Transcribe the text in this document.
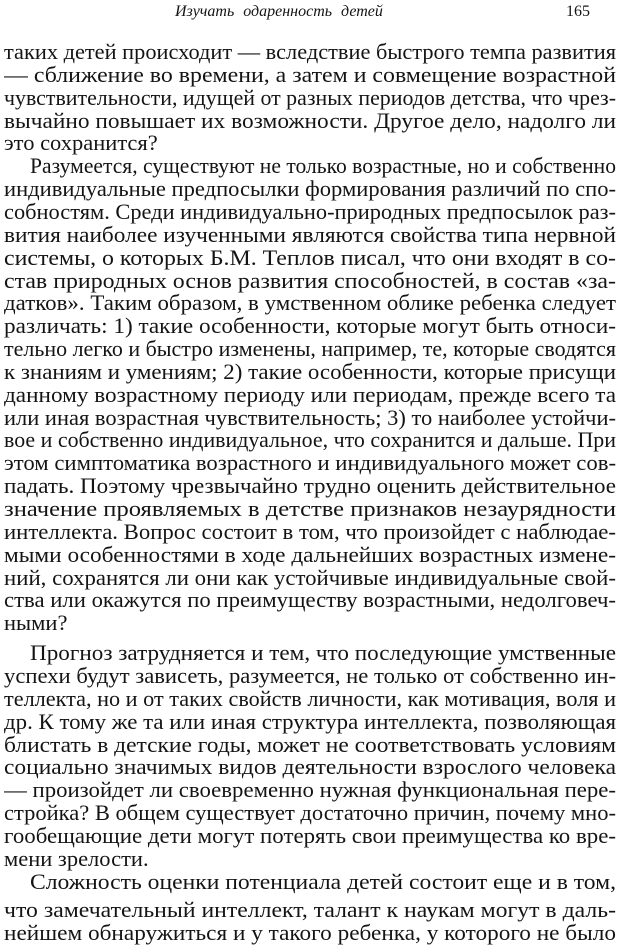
Изучать одаренность детей	165
таких детей происходит — вследствие быстрого темпа развития
— сближение во времени, а затем и совмещение возрастной
чувствительности, идущей от разных периодов детства, что чрез-
вычайно повышает их возможности. Другое дело, надолго ли
это сохранится?
Разумеется, существуют не только возрастные, но и собственно
индивидуальные предпосылки формирования различий по спо-
собностям. Среди индивидуально-природных предпосылок раз-
вития наиболее изученными являются свойства типа нервной
системы, о которых Б.М. Теплов писал, что они входят в со-
став природных основ развития способностей, в состав «за-
датков». Таким образом, в умственном облике ребенка следует
различать: 1) такие особенности, которые могут быть относи-
тельно легко и быстро изменены, например, те, которые сводятся
к знаниям и умениям; 2) такие особенности, которые присущи
данному возрастному периоду или периодам, прежде всего та
или иная возрастная чувствительность; 3) то наиболее устойчи-
вое и собственно индивидуальное, что сохранится и дальше. При
этом симптоматика возрастного и индивидуального может сов-
падать. Поэтому чрезвычайно трудно оценить действительное
значение проявляемых в детстве признаков незаурядности
интеллекта. Вопрос состоит в том, что произойдет с наблюдае-
мыми особенностями в ходе дальнейших возрастных измене-
ний, сохранятся ли они как устойчивые индивидуальные свой-
ства или окажутся по преимуществу возрастными, недолговеч-
ными?
Прогноз затрудняется и тем, что последующие умственные
успехи будут зависеть, разумеется, не только от собственно ин-
теллекта, но и от таких свойств личности, как мотивация, воля и
др. К тому же та или иная структура интеллекта, позволяющая
блистать в детские годы, может не соответствовать условиям
социально значимых видов деятельности взрослого человека
— произойдет ли своевременно нужная функциональная пере-
стройка? В общем существует достаточно причин, почему мно-
гообещающие дети могут потерять свои преимущества ко вре-
мени зрелости.
Сложность оценки потенциала детей состоит еще и в том,
что замечательный интеллект, талант к наукам могут в даль-
нейшем обнаружиться и у такого ребенка, у которого не было
